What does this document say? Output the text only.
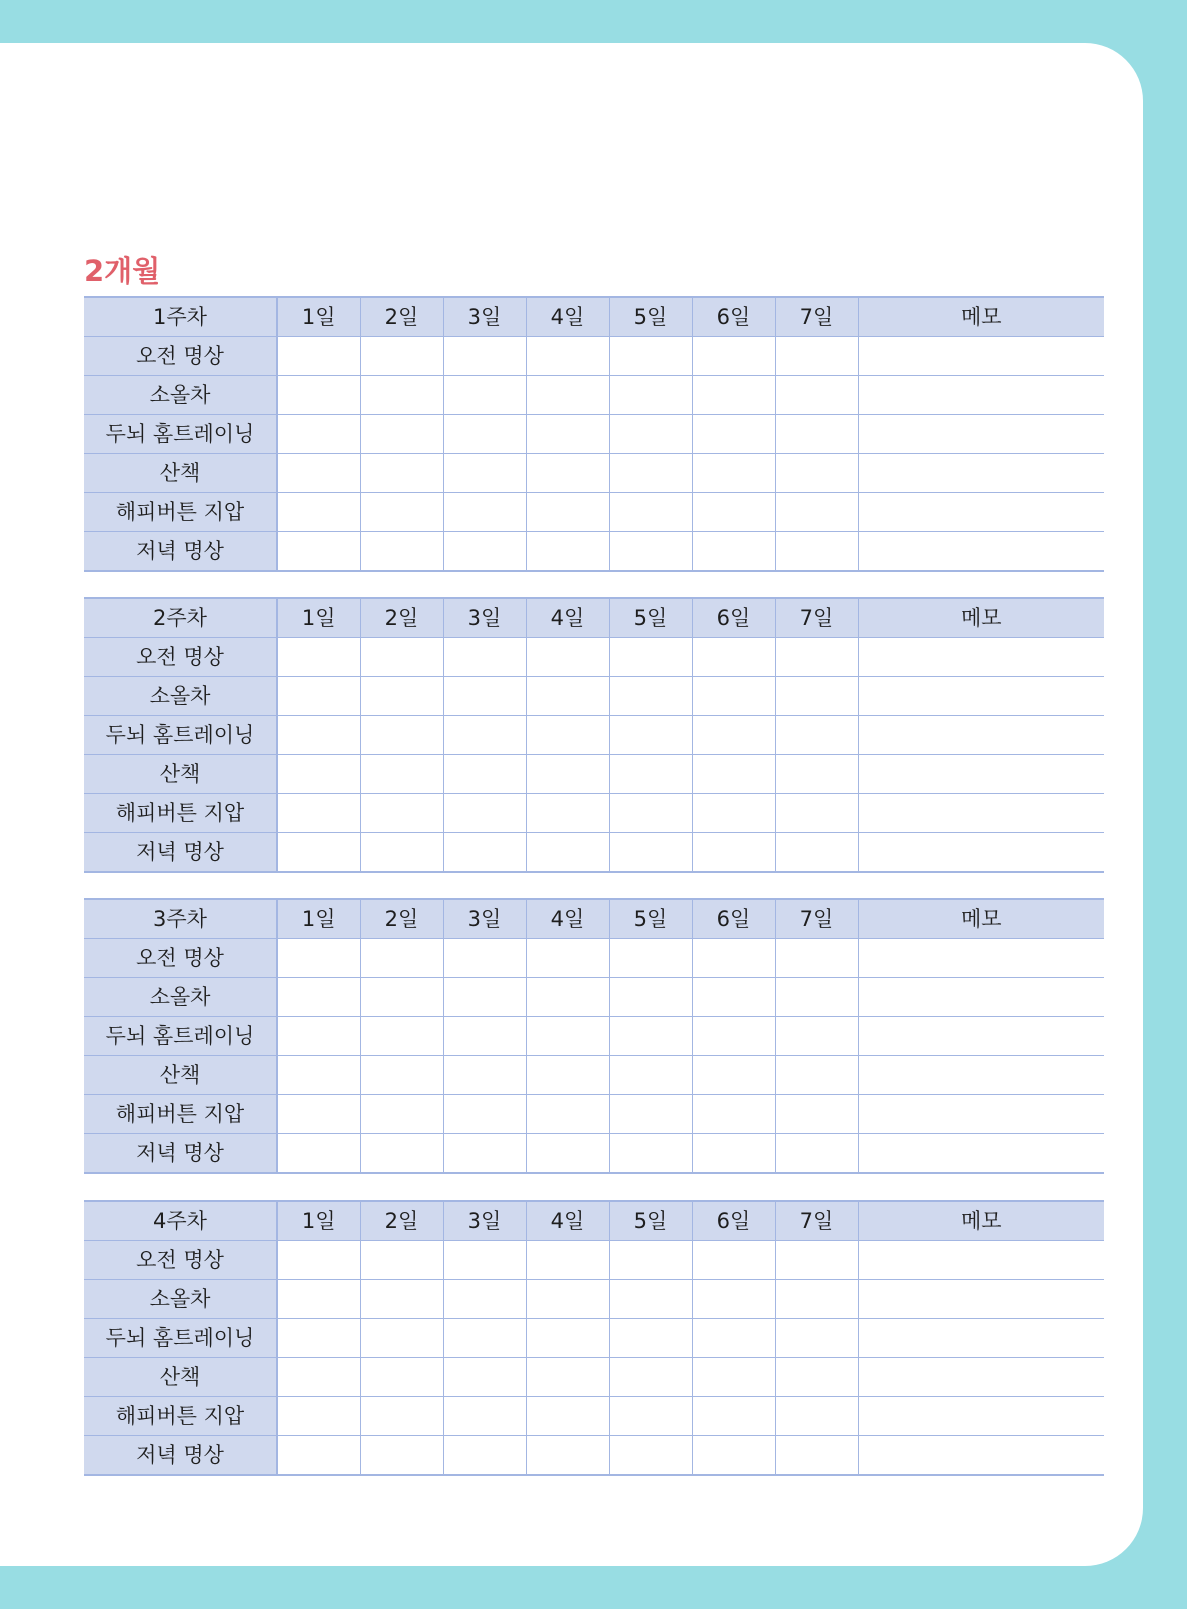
2개월
1주차	1일	2일	3일	4일	5일	6일	7일	메모
오전 명상								
소올차								
두뇌 홈트레이닝								
산책								
해피버튼 지압								
저녁 명상								
2주차	1일	2일	3일	4일	5일	6일	7일	메모
오전 명상								
소올차								
두뇌 홈트레이닝								
산책								
해피버튼 지압								
저녁 명상								
3주차	1일	2일	3일	4일	5일	6일	7일	메모
오전 명상								
소올차								
두뇌 홈트레이닝								
산책								
해피버튼 지압								
저녁 명상								
4주차	1일	2일	3일	4일	5일	6일	7일	메모
오전 명상								
소올차								
두뇌 홈트레이닝								
산책								
해피버튼 지압								
저녁 명상								
